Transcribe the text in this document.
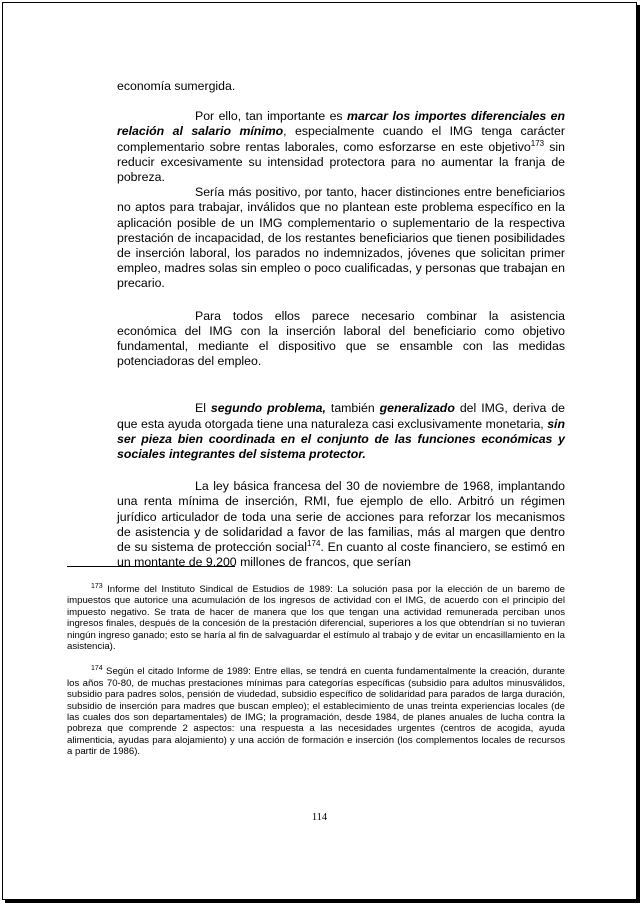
economía sumergida.

Por ello, tan importante es marcar los importes diferenciales en relación al salario mínimo, especialmente cuando el IMG tenga carácter complementario sobre rentas laborales, como esforzarse en este objetivo$^{173}$ sin reducir excesivamente su intensidad protectora para no aumentar la franja de pobreza.

Sería más positivo, por tanto, hacer distinciones entre beneficiarios no aptos para trabajar, inválidos que no plantean este problema específico en la aplicación posible de un IMG complementario o suplementario de la respectiva prestación de incapacidad, de los restantes beneficiarios que tienen posibilidades de inserción laboral, los parados no indemnizados, jóvenes que solicitan primer empleo, madres solas sin empleo o poco cualificadas, y personas que trabajan en precario.

Para todos ellos parece necesario combinar la asistencia económica del IMG con la inserción laboral del beneficiario como objetivo fundamental, mediante el dispositivo que se ensamble con las medidas potenciadoras del empleo.

El segundo problema, también generalizado del IMG, deriva de que esta ayuda otorgada tiene una naturaleza casi exclusivamente monetaria, sin ser pieza bien coordinada en el conjunto de las funciones económicas y sociales integrantes del sistema protector.

La ley básica francesa del 30 de noviembre de 1968, implantando una renta mínima de inserción, RMI, fue ejemplo de ello. Arbitró un régimen jurídico articulador de toda una serie de acciones para reforzar los mecanismos de asistencia y de solidaridad a favor de las familias, más al margen que dentro de su sistema de protección social$^{174}$. En cuanto al coste financiero, se estimó en un montante de 9.200 millones de francos, que serían

$^{173}$ Informe del Instituto Sindical de Estudios de 1989: La solución pasa por la elección de un baremo de impuestos que autorice una acumulación de los ingresos de actividad con el IMG, de acuerdo con el principio del impuesto negativo. Se trata de hacer de manera que los que tengan una actividad remunerada perciban unos ingresos finales, después de la concesión de la prestación diferencial, superiores a los que obtendrían si no tuvieran ningún ingreso ganado; esto se haría al fin de salvaguardar el estímulo al trabajo y de evitar un encasillamiento en la asistencia).

$^{174}$ Según el citado Informe de 1989: Entre ellas, se tendrá en cuenta fundamentalmente la creación, durante los años 70-80, de muchas prestaciones mínimas para categorías específicas (subsidio para adultos minusválidos, subsidio para padres solos, pensión de viudedad, subsidio específico de solidaridad para parados de larga duración, subsidio de inserción para madres que buscan empleo); el establecimiento de unas treinta experiencias locales (de las cuales dos son departamentales) de IMG; la programación, desde 1984, de planes anuales de lucha contra la pobreza que comprende 2 aspectos: una respuesta a las necesidades urgentes (centros de acogida, ayuda alimenticia, ayudas para alojamiento) y una acción de formación e inserción (los complementos locales de recursos a partir de 1986).

114
